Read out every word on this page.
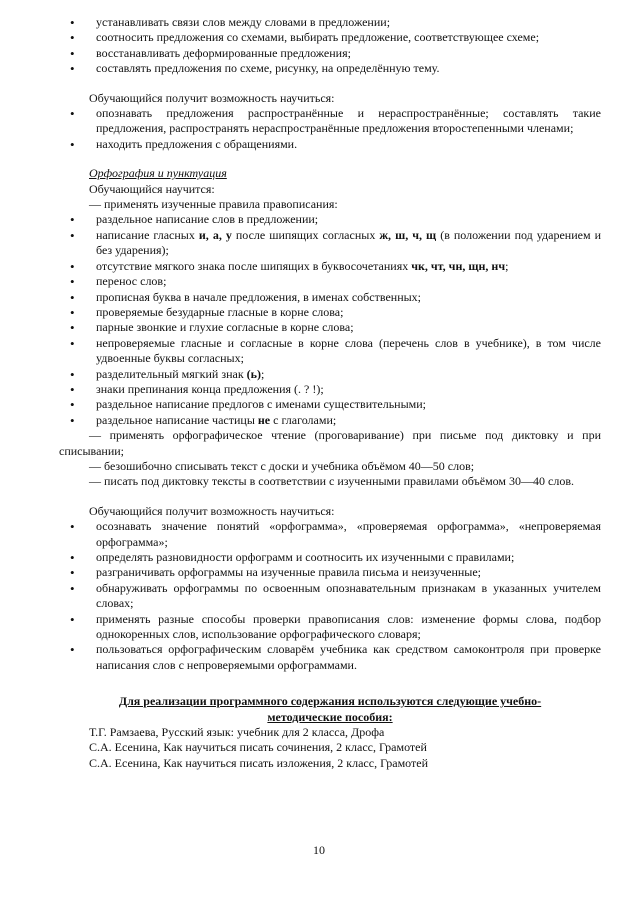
• устанавливать связи слов между словами в предложении;
• соотносить предложения со схемами, выбирать предложение, соответствующее схеме;
• восстанавливать деформированные предложения;
• составлять предложения по схеме, рисунку, на определённую тему.
Обучающийся получит возможность научиться:
• опознавать предложения распространённые и нераспространённые; составлять такие предложения, распространять нераспространённые предложения второстепенными членами;
• находить предложения с обращениями.
Орфография и пунктуация
Обучающийся научится:
— применять изученные правила правописания:
• раздельное написание слов в предложении;
• написание гласных и, а, у после шипящих согласных ж, ш, ч, щ (в положении под ударением и без ударения);
• отсутствие мягкого знака после шипящих в буквосочетаниях чк, чт, чн, щн, нч;
• перенос слов;
• прописная буква в начале предложения, в именах собственных;
• проверяемые безударные гласные в корне слова;
• парные звонкие и глухие согласные в корне слова;
• непроверяемые гласные и согласные в корне слова (перечень слов в учебнике), в том числе удвоенные буквы согласных;
• разделительный мягкий знак (ь);
• знаки препинания конца предложения (. ? !);
• раздельное написание предлогов с именами существительными;
• раздельное написание частицы не с глаголами;
— применять орфографическое чтение (проговаривание) при письме под диктовку и при списывании;
— безошибочно списывать текст с доски и учебника объёмом 40—50 слов;
— писать под диктовку тексты в соответствии с изученными правилами объёмом 30—40 слов.
Обучающийся получит возможность научиться:
• осознавать значение понятий «орфограмма», «проверяемая орфограмма», «непроверяемая орфограмма»;
• определять разновидности орфограмм и соотносить их изученными с правилами;
• разграничивать орфограммы на изученные правила письма и неизученные;
• обнаруживать орфограммы по освоенным опознавательным признакам в указанных учителем словах;
• применять разные способы проверки правописания слов: изменение формы слова, подбор однокоренных слов, использование орфографического словаря;
• пользоваться орфографическим словарём учебника как средством самоконтроля при проверке написания слов с непроверяемыми орфограммами.
Для реализации программного содержания используются следующие учебно-методические пособия:
Т.Г. Рамзаева, Русский язык: учебник для 2 класса, Дрофа
С.А. Есенина, Как научиться писать сочинения, 2 класс, Грамотей
С.А. Есенина, Как научиться писать изложения, 2 класс, Грамотей
10
